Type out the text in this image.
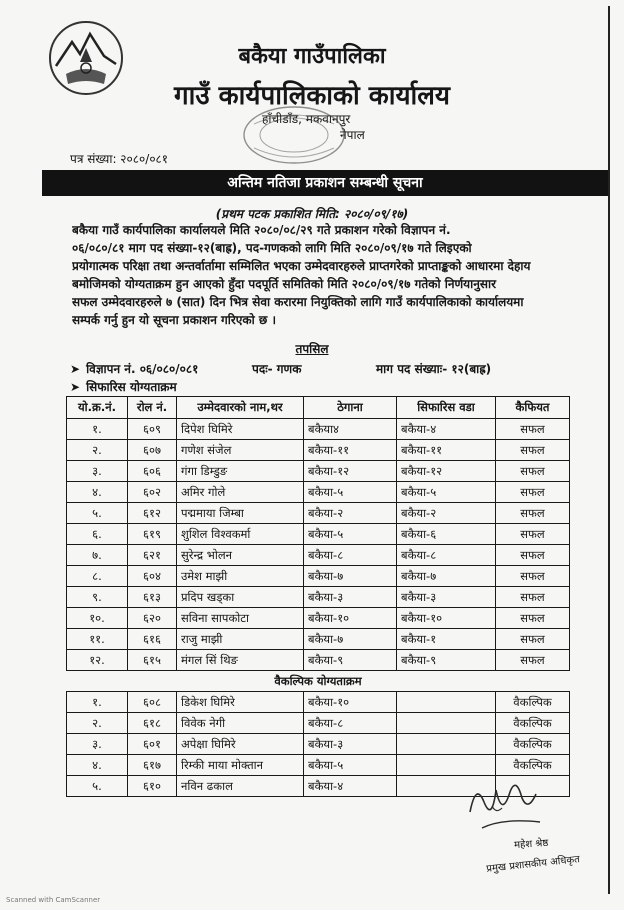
बकैया गाउँपालिका
गाउँ कार्यपालिकाको कार्यालय
हाँचीडाँड, मकवानपुर
नेपाल
पत्र संख्या: २०८०/०८१
अन्तिम नतिजा प्रकाशन सम्बन्धी सूचना
(प्रथम पटक प्रकाशित मिति: २०८०/०९/१७)
बकैया गाउँ कार्यपालिका कार्यालयले मिति २०८०/०८/२९ गते प्रकाशन गरेको विज्ञापन नं.
०६/०८०/८१ माग पद संख्या-१२(बाह्र), पद-गणकको लागि मिति २०८०/०९/१७ गते लिइएको
प्रयोगात्मक परिक्षा तथा अन्तर्वार्तामा सम्मिलित भएका उम्मेदवारहरुले प्राप्तगरेको प्राप्ताङ्कको आधारमा देहाय
बमोजिमको योग्यताक्रम हुन आएको हुँदा पदपूर्ति समितिको मिति २०८०/०९/१७ गतेको निर्णयानुसार
सफल उम्मेदवारहरुले ७ (सात) दिन भित्र सेवा करारमा नियुक्तिको लागि गाउँ कार्यपालिकाको कार्यालयमा
सम्पर्क गर्नु हुन यो सूचना प्रकाशन गरिएको छ ।
तपसिल
➤ विज्ञापन नं. ०६/०८०/०८१	पदः- गणक	माग पद संख्याः- १२(बाह्र)
➤ सिफारिस योग्यताक्रम
यो.क्र.नं.	रोल नं.	उम्मेदवारको नाम,थर	ठेगाना	सिफारिस वडा	कैफियत
१.	६०९	दिपेश घिमिरे	बकैया४	बकैया-४	सफल
२.	६०७	गणेश संजेल	बकैया-११	बकैया-११	सफल
३.	६०६	गंगा डिम्डुङ	बकैया-१२	बकैया-१२	सफल
४.	६०२	अमिर गोले	बकैया-५	बकैया-५	सफल
५.	६१२	पद्ममाया जिम्बा	बकैया-२	बकैया-२	सफल
६.	६१९	शुशिल विश्वकर्मा	बकैया-५	बकैया-६	सफल
७.	६२१	सुरेन्द्र भोलन	बकैया-८	बकैया-८	सफल
८.	६०४	उमेश माझी	बकैया-७	बकैया-७	सफल
९.	६१३	प्रदिप खड्का	बकैया-३	बकैया-३	सफल
१०.	६२०	सविना सापकोटा	बकैया-१०	बकैया-१०	सफल
११.	६१६	राजु माझी	बकैया-७	बकैया-१	सफल
१२.	६१५	मंगल सिं थिङ	बकैया-९	बकैया-९	सफल
वैकल्पिक योग्यताक्रम					
१.	६०८	डिकेश घिमिरे	बकैया-१०		वैकल्पिक
२.	६१८	विवेक नेगी	बकैया-८		वैकल्पिक
३.	६०१	अपेक्षा घिमिरे	बकैया-३		वैकल्पिक
४.	६१७	रिम्की माया मोक्तान	बकैया-५		वैकल्पिक
५.	६१०	नविन ढकाल	बकैया-४		
महेश श्रेष्ठ
प्रमुख प्रशासकीय अधिकृत
Scanned with CamScanner
